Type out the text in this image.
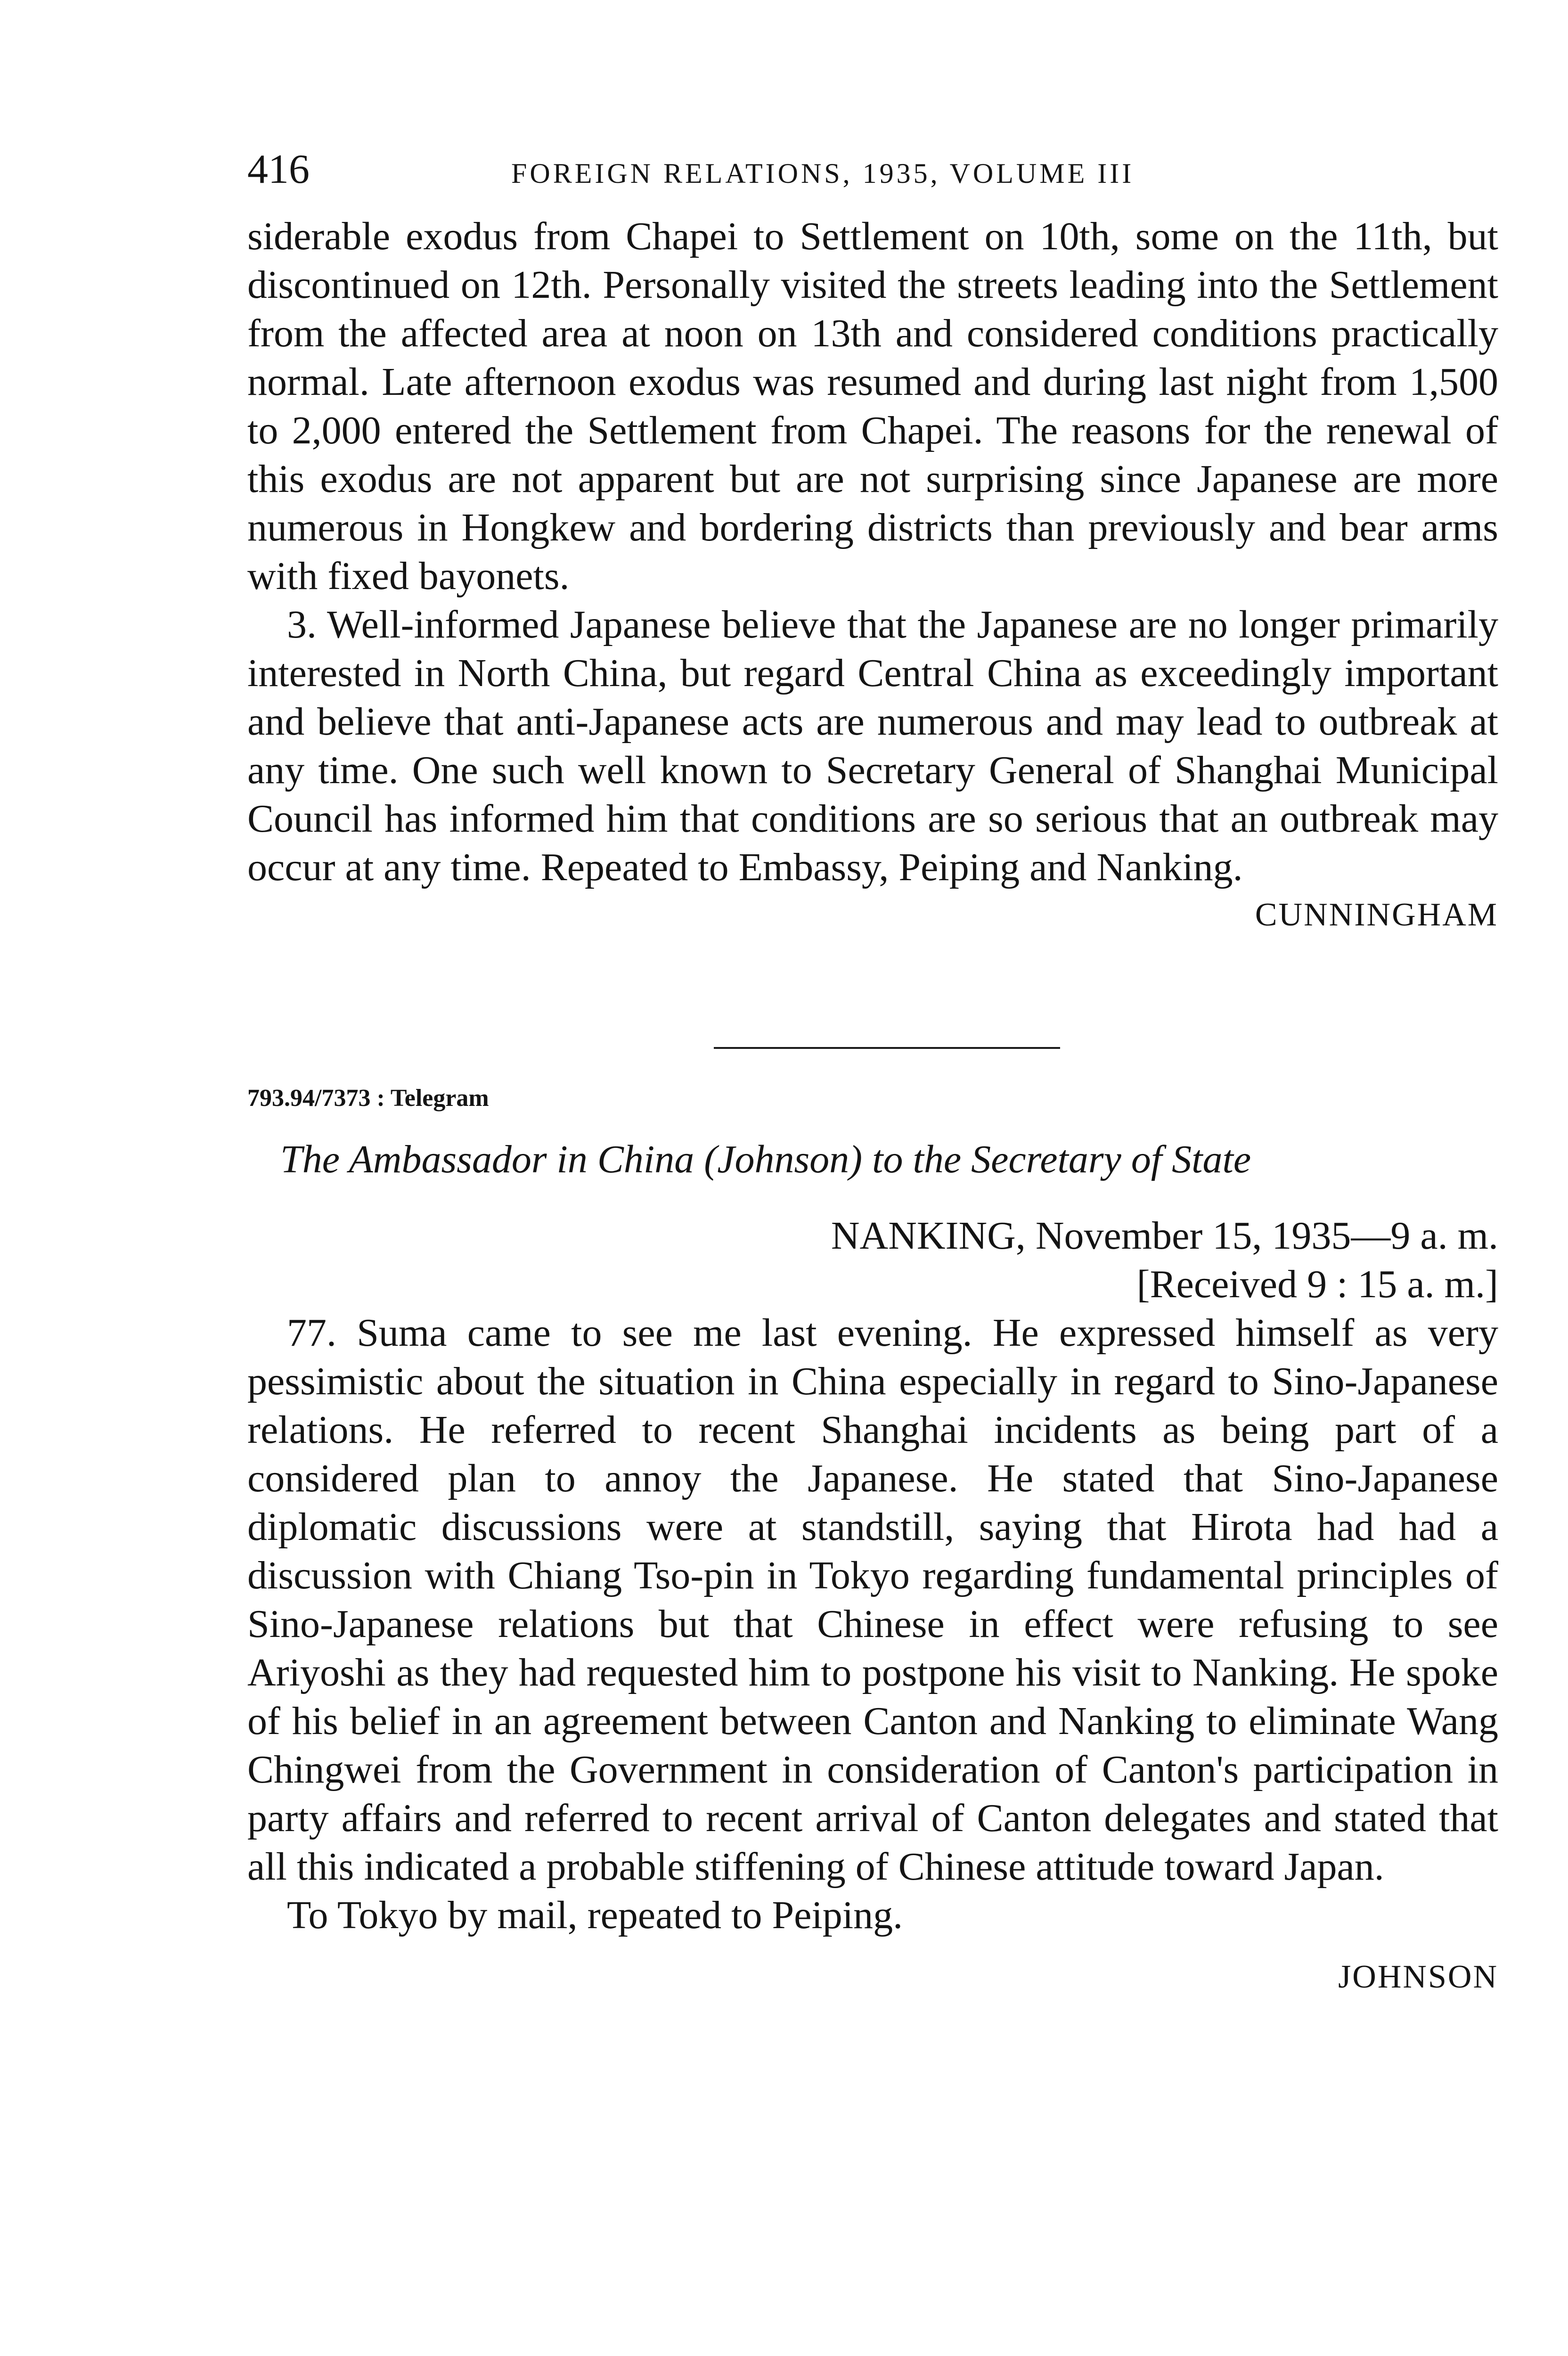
416	FOREIGN RELATIONS, 1935, VOLUME III

siderable exodus from Chapei to Settlement on 10th, some on the 11th, but discontinued on 12th. Personally visited the streets leading into the Settlement from the affected area at noon on 13th and considered conditions practically normal. Late afternoon exodus was resumed and during last night from 1,500 to 2,000 entered the Settlement from Chapei. The reasons for the renewal of this exodus are not apparent but are not surprising since Japanese are more numerous in Hongkew and bordering districts than previously and bear arms with fixed bayonets.

3. Well-informed Japanese believe that the Japanese are no longer primarily interested in North China, but regard Central China as exceedingly important and believe that anti-Japanese acts are numerous and may lead to outbreak at any time. One such well known to Secretary General of Shanghai Municipal Council has informed him that conditions are so serious that an outbreak may occur at any time. Repeated to Embassy, Peiping and Nanking.

CUNNINGHAM

793.94/7373 : Telegram

The Ambassador in China (Johnson) to the Secretary of State

NANKING, November 15, 1935—9 a. m.

[Received 9 : 15 a. m.]

77. Suma came to see me last evening. He expressed himself as very pessimistic about the situation in China especially in regard to Sino-Japanese relations. He referred to recent Shanghai incidents as being part of a considered plan to annoy the Japanese. He stated that Sino-Japanese diplomatic discussions were at standstill, saying that Hirota had had a discussion with Chiang Tso-pin in Tokyo regarding fundamental principles of Sino-Japanese relations but that Chinese in effect were refusing to see Ariyoshi as they had requested him to postpone his visit to Nanking. He spoke of his belief in an agreement between Canton and Nanking to eliminate Wang Chingwei from the Government in consideration of Canton's participation in party affairs and referred to recent arrival of Canton delegates and stated that all this indicated a probable stiffening of Chinese attitude toward Japan.

To Tokyo by mail, repeated to Peiping.

JOHNSON
